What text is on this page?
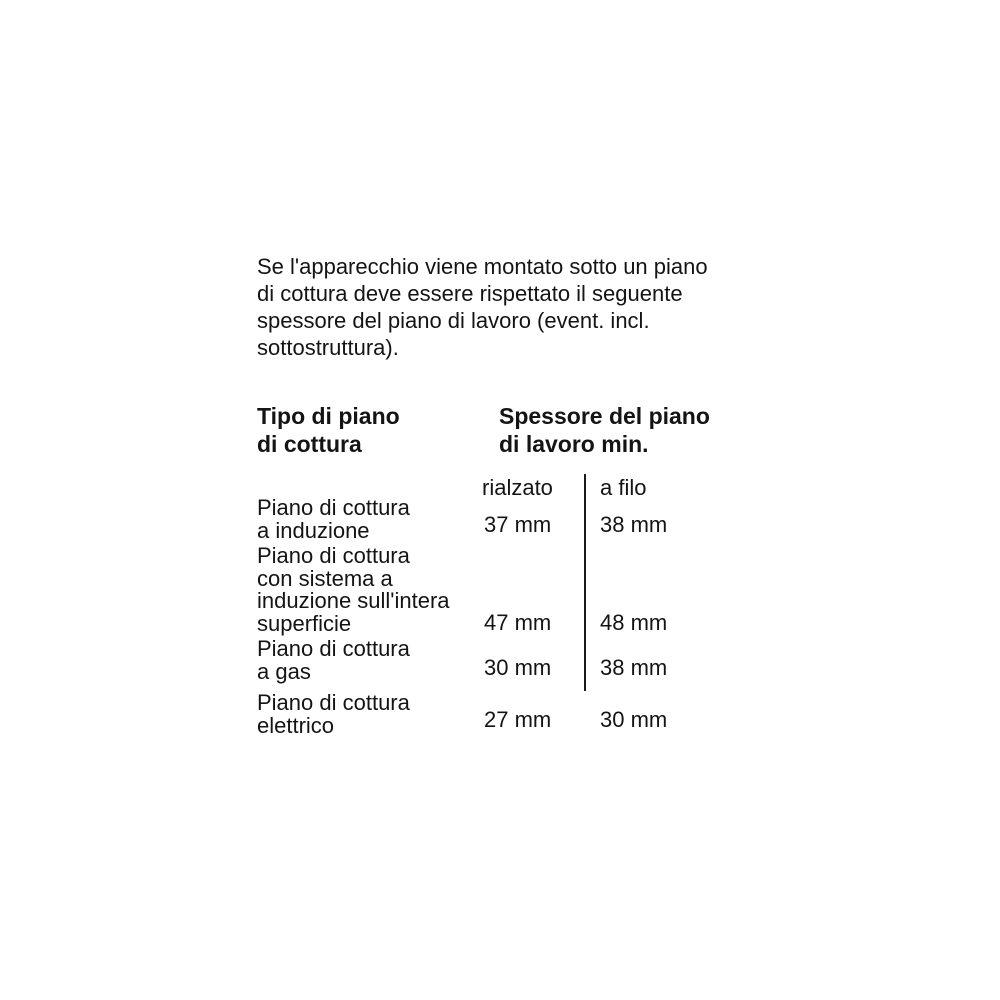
Se l'apparecchio viene montato sotto un piano
di cottura deve essere rispettato il seguente
spessore del piano di lavoro (event. incl.
sottostruttura).
Tipo di piano
di cottura
Spessore del piano
di lavoro min.
rialzato a filo
Piano di cottura
a induzione	37 mm 38 mm
Piano di cottura
con sistema a
induzione sull'intera
superficie	47 mm 48 mm
Piano di cottura
a gas	30 mm 38 mm
Piano di cottura
elettrico	27 mm 30 mm
